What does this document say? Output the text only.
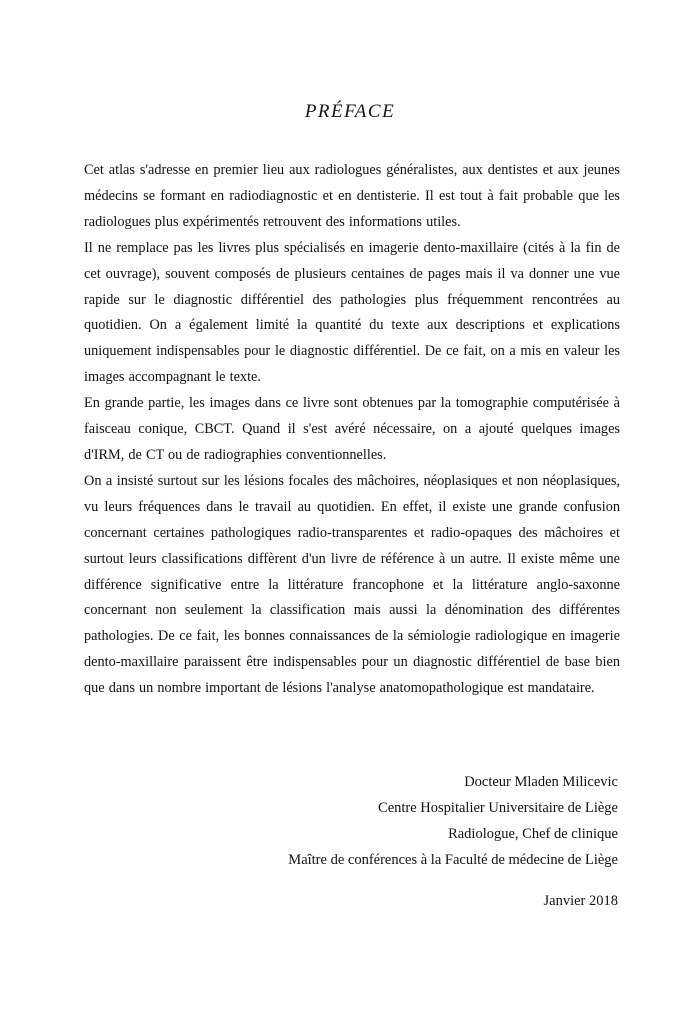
PRÉFACE

Cet atlas s'adresse en premier lieu aux radiologues généralistes, aux dentistes et aux jeunes médecins se formant en radiodiagnostic et en dentisterie. Il est tout à fait probable que les radiologues plus expérimentés retrouvent des informations utiles.

Il ne remplace pas les livres plus spécialisés en imagerie dento-maxillaire (cités à la fin de cet ouvrage), souvent composés de plusieurs centaines de pages mais il va donner une vue rapide sur le diagnostic différentiel des pathologies plus fréquemment rencontrées au quotidien. On a également limité la quantité du texte aux descriptions et explications uniquement indispensables pour le diagnostic différentiel. De ce fait, on a mis en valeur les images accompagnant le texte.

En grande partie, les images dans ce livre sont obtenues par la tomographie computérisée à faisceau conique, CBCT. Quand il s'est avéré nécessaire, on a ajouté quelques images d'IRM, de CT ou de radiographies conventionnelles.

On a insisté surtout sur les lésions focales des mâchoires, néoplasiques et non néoplasiques, vu leurs fréquences dans le travail au quotidien. En effet, il existe une grande confusion concernant certaines pathologiques radio-transparentes et radio-opaques des mâchoires et surtout leurs classifications diffèrent d'un livre de référence à un autre. Il existe même une différence significative entre la littérature francophone et la littérature anglo-saxonne concernant non seulement la classification mais aussi la dénomination des différentes pathologies. De ce fait, les bonnes connaissances de la sémiologie radiologique en imagerie dento-maxillaire paraissent être indispensables pour un diagnostic différentiel de base bien que dans un nombre important de lésions l'analyse anatomopathologique est mandataire.

Docteur Mladen Milicevic
Centre Hospitalier Universitaire de Liège
Radiologue, Chef de clinique
Maître de conférences à la Faculté de médecine de Liège
Janvier 2018
